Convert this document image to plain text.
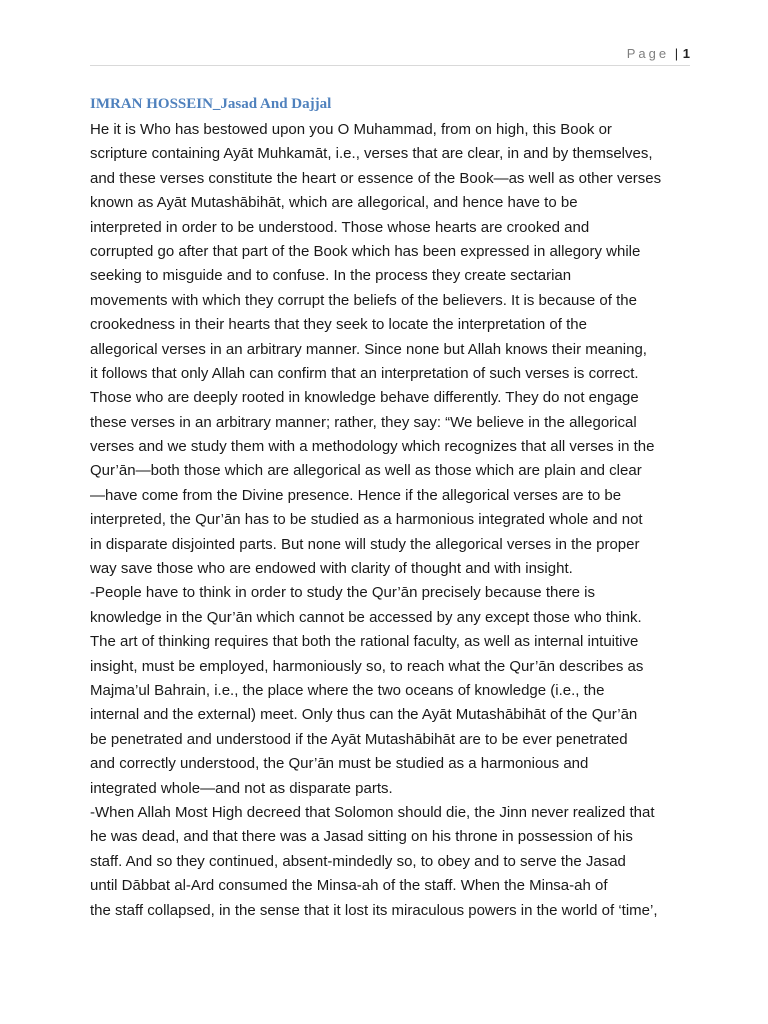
Page | 1
IMRAN HOSSEIN_Jasad And Dajjal
He it is Who has bestowed upon you O Muhammad, from on high, this Book or
scripture containing Ayāt Muhkamāt, i.e., verses that are clear, in and by themselves,
and these verses constitute the heart or essence of the Book—as well as other verses
known as Ayāt Mutashābihāt, which are allegorical, and hence have to be
interpreted in order to be understood. Those whose hearts are crooked and
corrupted go after that part of the Book which has been expressed in allegory while
seeking to misguide and to confuse. In the process they create sectarian
movements with which they corrupt the beliefs of the believers. It is because of the
crookedness in their hearts that they seek to locate the interpretation of the
allegorical verses in an arbitrary manner. Since none but Allah knows their meaning,
it follows that only Allah can confirm that an interpretation of such verses is correct.
Those who are deeply rooted in knowledge behave differently. They do not engage
these verses in an arbitrary manner; rather, they say: “We believe in the allegorical
verses and we study them with a methodology which recognizes that all verses in the
Qur’ān—both those which are allegorical as well as those which are plain and clear
—have come from the Divine presence. Hence if the allegorical verses are to be
interpreted, the Qur’ān has to be studied as a harmonious integrated whole and not
in disparate disjointed parts. But none will study the allegorical verses in the proper
way save those who are endowed with clarity of thought and with insight.
-People have to think in order to study the Qur’ān precisely because there is
knowledge in the Qur’ān which cannot be accessed by any except those who think.
The art of thinking requires that both the rational faculty, as well as internal intuitive
insight, must be employed, harmoniously so, to reach what the Qur’ān describes as
Majma’ul Bahrain, i.e., the place where the two oceans of knowledge (i.e., the
internal and the external) meet. Only thus can the Ayāt Mutashābihāt of the Qur’ān
be penetrated and understood if the Ayāt Mutashābihāt are to be ever penetrated
and correctly understood, the Qur’ān must be studied as a harmonious and
integrated whole—and not as disparate parts.
-When Allah Most High decreed that Solomon should die, the Jinn never realized that
he was dead, and that there was a Jasad sitting on his throne in possession of his
staff. And so they continued, absent-mindedly so, to obey and to serve the Jasad
until Dābbat al-Ard consumed the Minsa-ah of the staff. When the Minsa-ah of
the staff collapsed, in the sense that it lost its miraculous powers in the world of ‘time’,
